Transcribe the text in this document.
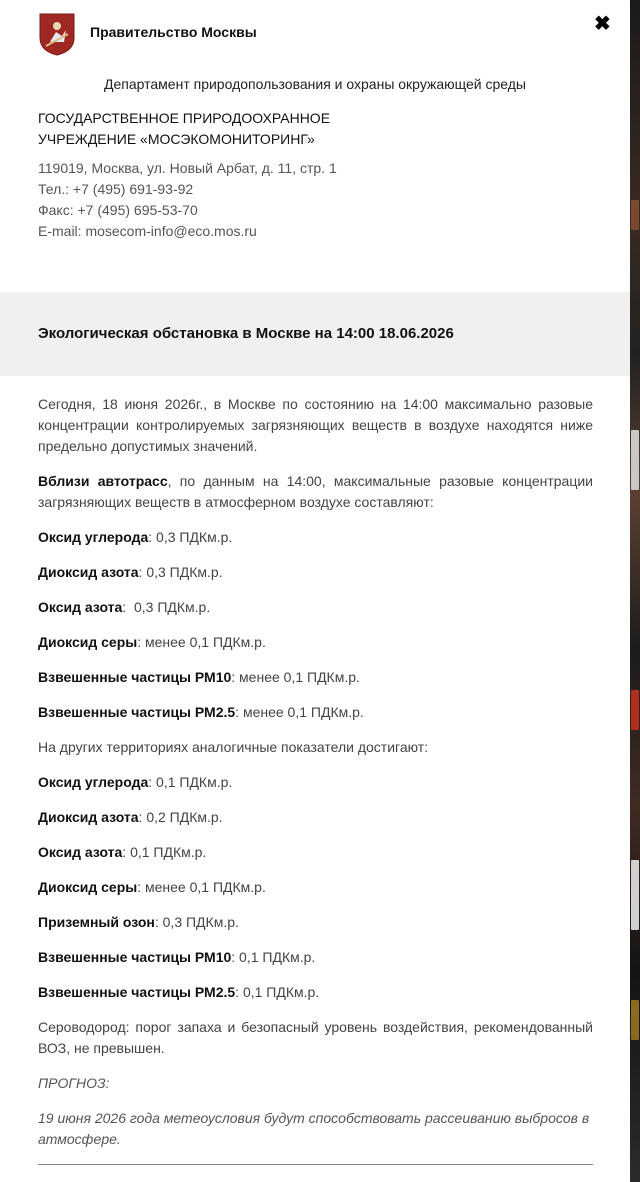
Правительство Москвы	✖
Департамент природопользования и охраны окружающей среды
ГОСУДАРСТВЕННОЕ ПРИРОДООХРАННОЕ
УЧРЕЖДЕНИЕ «МОСЭКОМОНИТОРИНГ»
119019, Москва, ул. Новый Арбат, д. 11, стр. 1
Тел.: +7 (495) 691-93-92
Факс: +7 (495) 695-53-70
E-mail: mosecom-info@eco.mos.ru
Экологическая обстановка в Москве на 14:00 18.06.2026

Сегодня, 18 июня 2026г., в Москве по состоянию на 14:00 максимально разовые концентрации контролируемых загрязняющих веществ в воздухе находятся ниже предельно допустимых значений.

Вблизи автотрасс, по данным на 14:00, максимальные разовые концентрации загрязняющих веществ в атмосферном воздухе составляют:

Оксид углерода: 0,3 ПДКм.р.

Диоксид азота: 0,3 ПДКм.р.

Оксид азота:  0,3 ПДКм.р.

Диоксид серы: менее 0,1 ПДКм.р.

Взвешенные частицы РМ10: менее 0,1 ПДКм.р.

Взвешенные частицы РМ2.5: менее 0,1 ПДКм.р.

На других территориях аналогичные показатели достигают:

Оксид углерода: 0,1 ПДКм.р.

Диоксид азота: 0,2 ПДКм.р.

Оксид азота: 0,1 ПДКм.р.

Диоксид серы: менее 0,1 ПДКм.р.

Приземный озон: 0,3 ПДКм.р.

Взвешенные частицы РМ10: 0,1 ПДКм.р.

Взвешенные частицы РМ2.5: 0,1 ПДКм.р.

Сероводород: порог запаха и безопасный уровень воздействия, рекомендованный ВОЗ, не превышен.

ПРОГНОЗ:

19 июня 2026 года метеоусловия будут способствовать рассеиванию выбросов в атмосфере.
